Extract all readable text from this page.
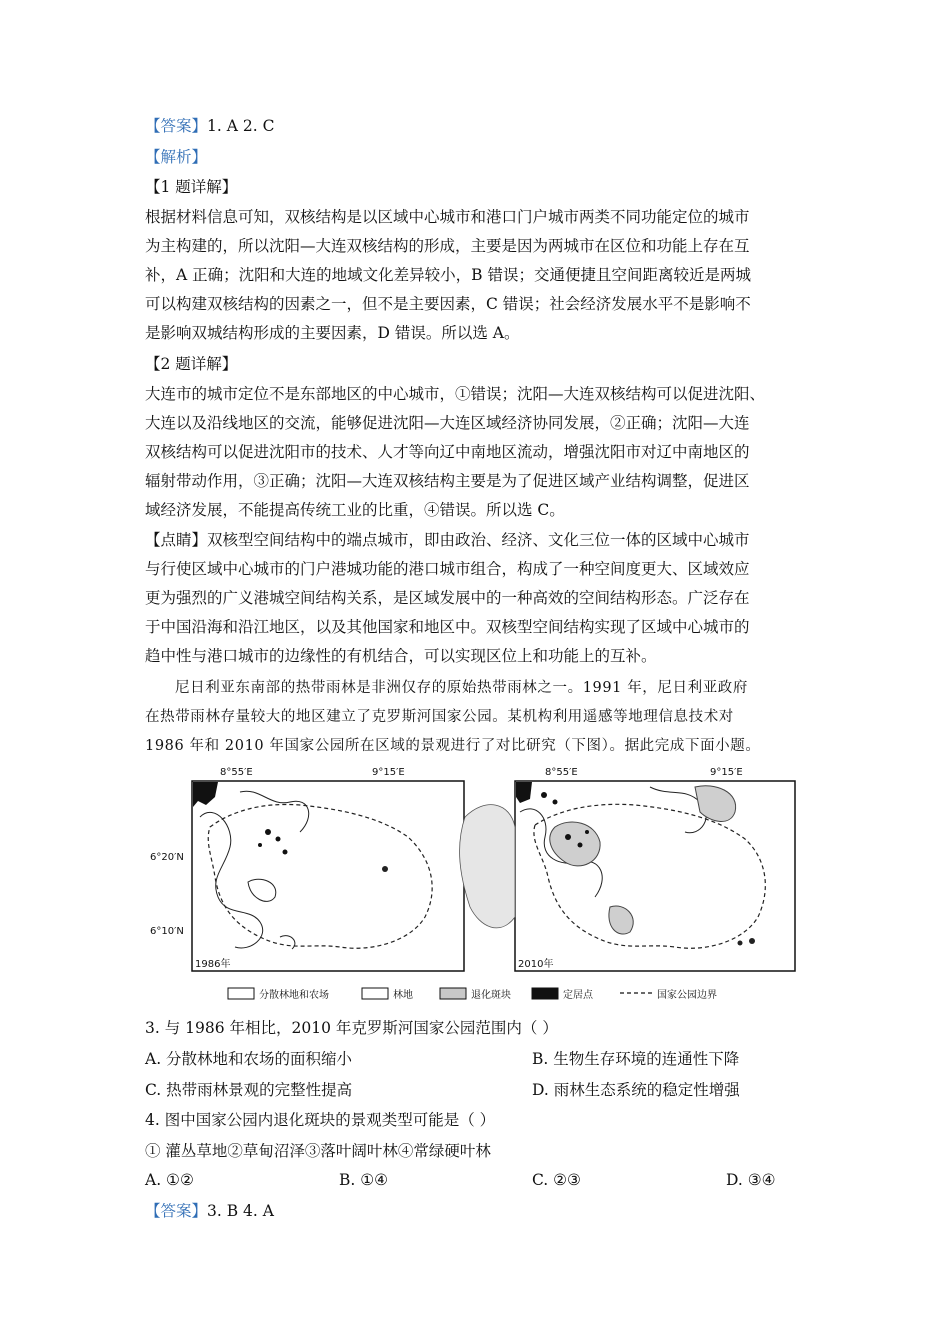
【答案】1. A 2. C
【解析】
【1 题详解】
根据材料信息可知，双核结构是以区域中心城市和港口门户城市两类不同功能定位的城市
为主构建的，所以沈阳—大连双核结构的形成，主要是因为两城市在区位和功能上存在互
补，A 正确；沈阳和大连的地域文化差异较小，B 错误；交通便捷且空间距离较近是两城
可以构建双核结构的因素之一，但不是主要因素，C 错误；社会经济发展水平不是影响不
是影响双城结构形成的主要因素，D 错误。所以选 A。
【2 题详解】
大连市的城市定位不是东部地区的中心城市，①错误；沈阳—大连双核结构可以促进沈阳、
大连以及沿线地区的交流，能够促进沈阳—大连区域经济协同发展，②正确；沈阳—大连
双核结构可以促进沈阳市的技术、人才等向辽中南地区流动，增强沈阳市对辽中南地区的
辐射带动作用，③正确；沈阳—大连双核结构主要是为了促进区域产业结构调整，促进区
域经济发展，不能提高传统工业的比重，④错误。所以选 C。
【点睛】双核型空间结构中的端点城市，即由政治、经济、文化三位一体的区域中心城市
与行使区域中心城市的门户港城功能的港口城市组合，构成了一种空间度更大、区域效应
更为强烈的广义港城空间结构关系，是区域发展中的一种高效的空间结构形态。广泛存在
于中国沿海和沿江地区，以及其他国家和地区中。双核型空间结构实现了区域中心城市的
趋中性与港口城市的边缘性的有机结合，可以实现区位上和功能上的互补。
尼日利亚东南部的热带雨林是非洲仅存的原始热带雨林之一。1991 年，尼日利亚政府
在热带雨林存量较大的地区建立了克罗斯河国家公园。某机构利用遥感等地理信息技术对
1986 年和 2010 年国家公园所在区域的景观进行了对比研究（下图）。据此完成下面小题。
8°55′E	9°15′E	8°55′E	9°15′E
6°20′N
6°10′N
1986年	2010年
分散林地和农场	林地	退化斑块	定居点	国家公园边界
3. 与 1986 年相比，2010 年克罗斯河国家公园范围内（ ）
A. 分散林地和农场的面积缩小	B. 生物生存环境的连通性下降
C. 热带雨林景观的完整性提高	D. 雨林生态系统的稳定性增强
4. 图中国家公园内退化斑块的景观类型可能是（ ）
① 灌丛草地②草甸沼泽③落叶阔叶林④常绿硬叶林
A. ①②	B. ①④	C. ②③	D. ③④
【答案】3. B 4. A
